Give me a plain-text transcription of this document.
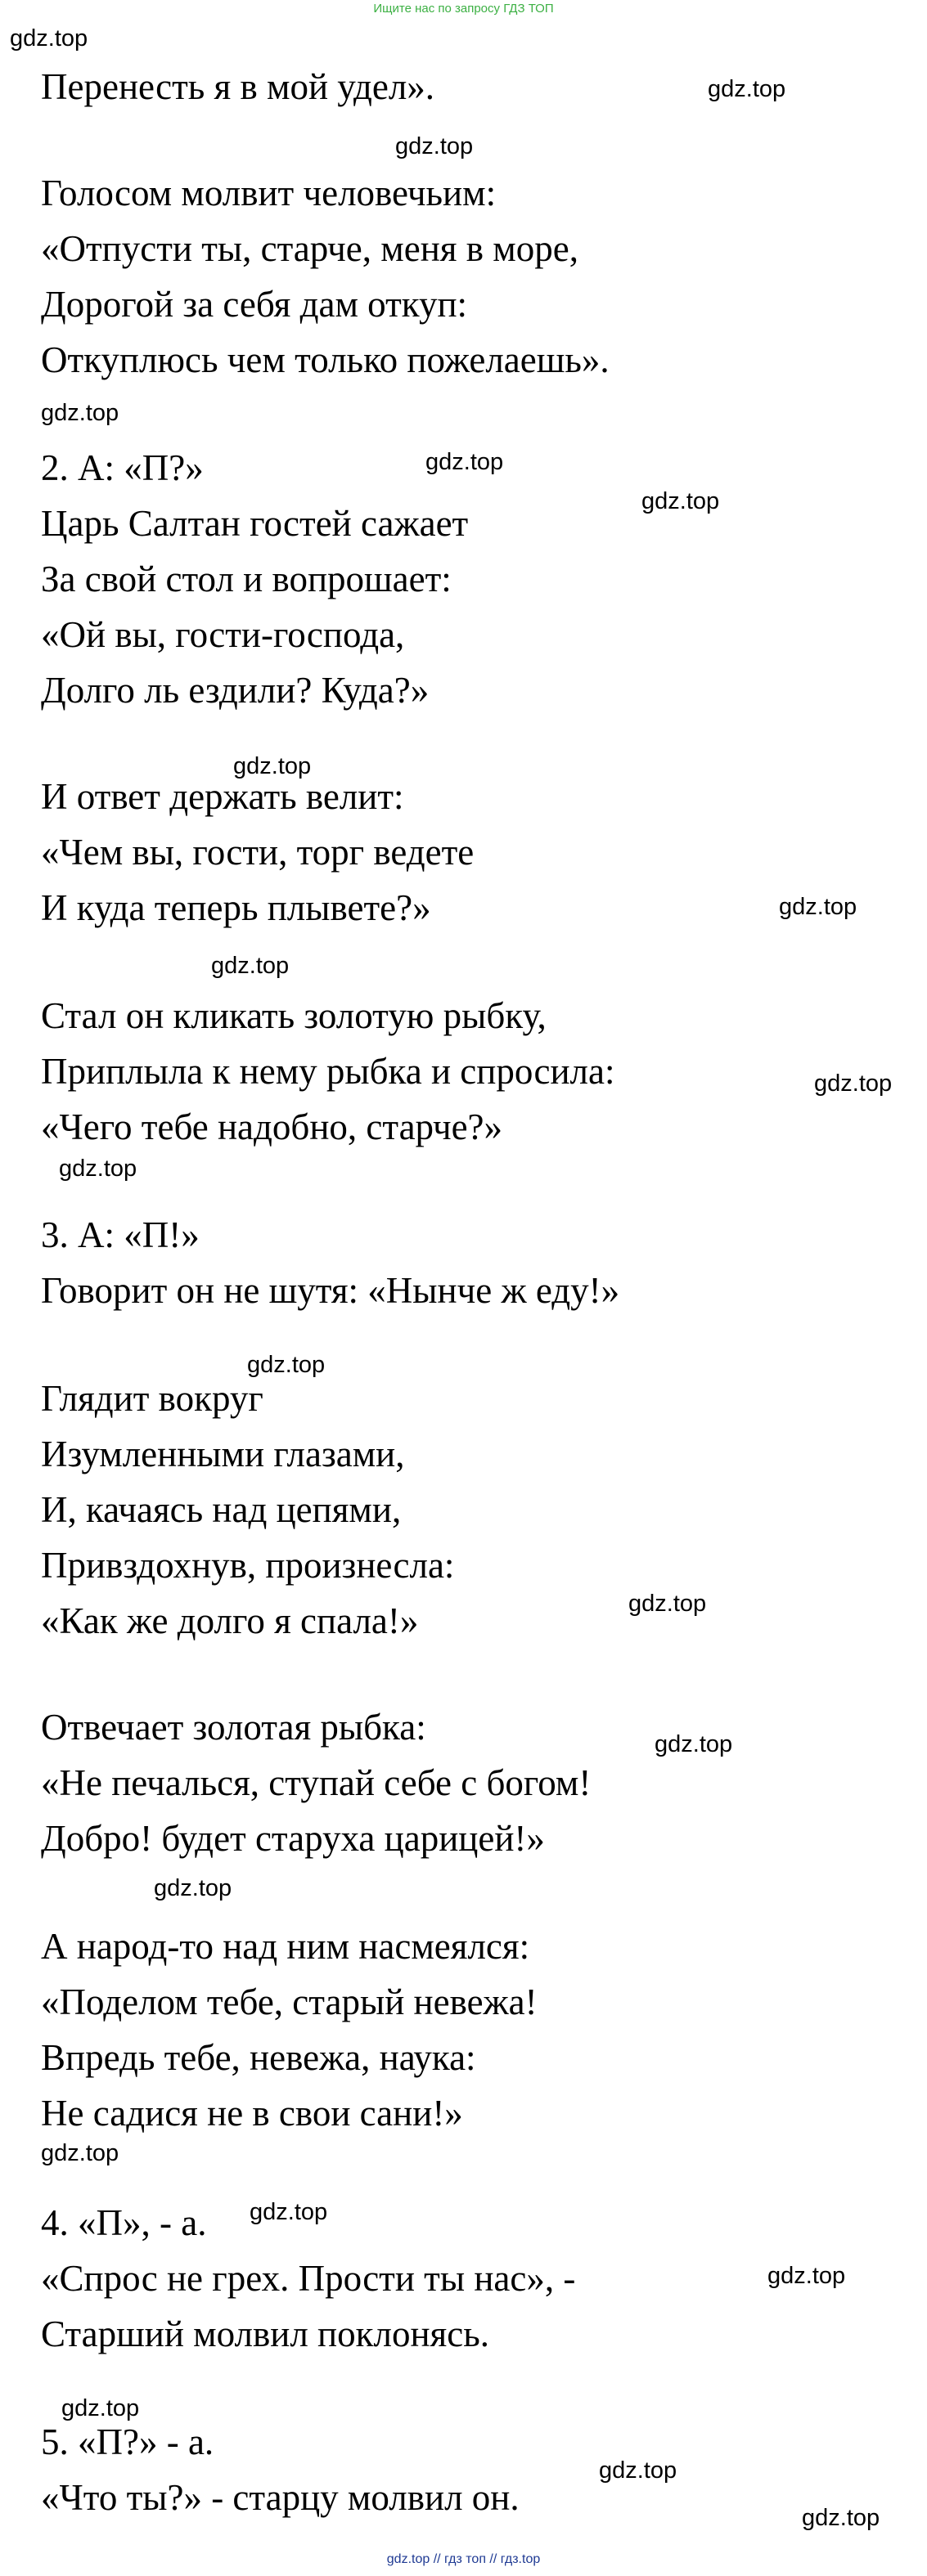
Ищите нас по запросу ГДЗ ТОП
Перенесть я в мой удел».
Голосом молвит человечьим:
«Отпусти ты, старче, меня в море,
Дорогой за себя дам откуп:
Откуплюсь чем только пожелаешь».
2. А: «П?»
Царь Салтан гостей сажает
За свой стол и вопрошает:
«Ой вы, гости-господа,
Долго ль ездили? Куда?»
И ответ держать велит:
«Чем вы, гости, торг ведете
И куда теперь плывете?»
Стал он кликать золотую рыбку,
Приплыла к нему рыбка и спросила:
«Чего тебе надобно, старче?»
3. А: «П!»
Говорит он не шутя: «Нынче ж еду!»
Глядит вокруг
Изумленными глазами,
И, качаясь над цепями,
Привздохнув, произнесла:
«Как же долго я спала!»
Отвечает золотая рыбка:
«Не печалься, ступай себе с богом!
Добро! будет старуха царицей!»
А народ-то над ним насмеялся:
«Поделом тебе, старый невежа!
Впредь тебе, невежа, наука:
Не садися не в свои сани!»
4. «П», - а.
«Спрос не грех. Прости ты нас», -
Старший молвил поклонясь.
5. «П?» - а.
«Что ты?» - старцу молвил он.
gdz.top
gdz.top
gdz.top
gdz.top
gdz.top
gdz.top
gdz.top
gdz.top
gdz.top
gdz.top
gdz.top
gdz.top
gdz.top
gdz.top
gdz.top
gdz.top
gdz.top
gdz.top
gdz.top
gdz.top
gdz.top
gdz.top // гдз топ // гдз.top
